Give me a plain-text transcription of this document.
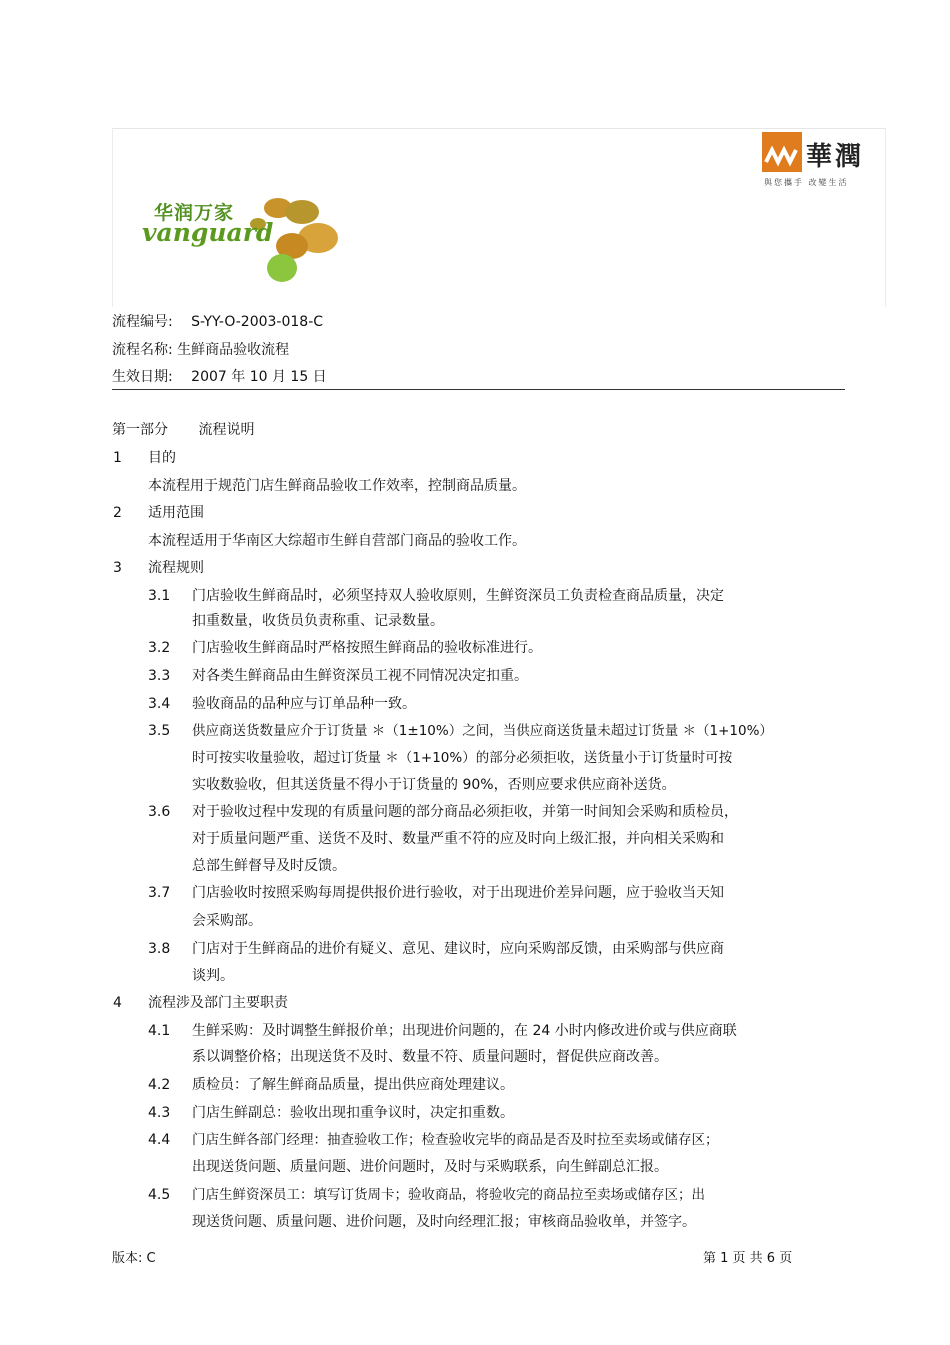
华润万家
vanguard
華潤
與您攜手 改變生活
流程编号: S-YY-O-2003-018-C
流程名称: 生鲜商品验收流程
生效日期: 2007 年 10 月 15 日
第一部分 流程说明
1 目的
本流程用于规范门店生鲜商品验收工作效率，控制商品质量。
2 适用范围
本流程适用于华南区大综超市生鲜自营部门商品的验收工作。
3 流程规则
3.1 门店验收生鲜商品时，必须坚持双人验收原则，生鲜资深员工负责检查商品质量，决定
扣重数量，收货员负责称重、记录数量。
3.2 门店验收生鲜商品时严格按照生鲜商品的验收标准进行。
3.3 对各类生鲜商品由生鲜资深员工视不同情况决定扣重。
3.4 验收商品的品种应与订单品种一致。
3.5 供应商送货数量应介于订货量 ＊（1±10%）之间，当供应商送货量未超过订货量 ＊（1+10%）
时可按实收量验收，超过订货量 ＊（1+10%）的部分必须拒收，送货量小于订货量时可按
实收数验收，但其送货量不得小于订货量的 90%，否则应要求供应商补送货。
3.6 对于验收过程中发现的有质量问题的部分商品必须拒收，并第一时间知会采购和质检员，
对于质量问题严重、送货不及时、数量严重不符的应及时向上级汇报，并向相关采购和
总部生鲜督导及时反馈。
3.7 门店验收时按照采购每周提供报价进行验收，对于出现进价差异问题，应于验收当天知
会采购部。
3.8 门店对于生鲜商品的进价有疑义、意见、建议时，应向采购部反馈，由采购部与供应商
谈判。
4 流程涉及部门主要职责
4.1 生鲜采购：及时调整生鲜报价单；出现进价问题的，在 24 小时内修改进价或与供应商联
系以调整价格；出现送货不及时、数量不符、质量问题时，督促供应商改善。
4.2 质检员：了解生鲜商品质量，提出供应商处理建议。
4.3 门店生鲜副总：验收出现扣重争议时，决定扣重数。
4.4 门店生鲜各部门经理：抽查验收工作；检查验收完毕的商品是否及时拉至卖场或储存区；
出现送货问题、质量问题、进价问题时，及时与采购联系，向生鲜副总汇报。
4.5 门店生鲜资深员工：填写订货周卡；验收商品，将验收完的商品拉至卖场或储存区；出
现送货问题、质量问题、进价问题，及时向经理汇报；审核商品验收单，并签字。
版本: C	第 1 页 共 6 页
